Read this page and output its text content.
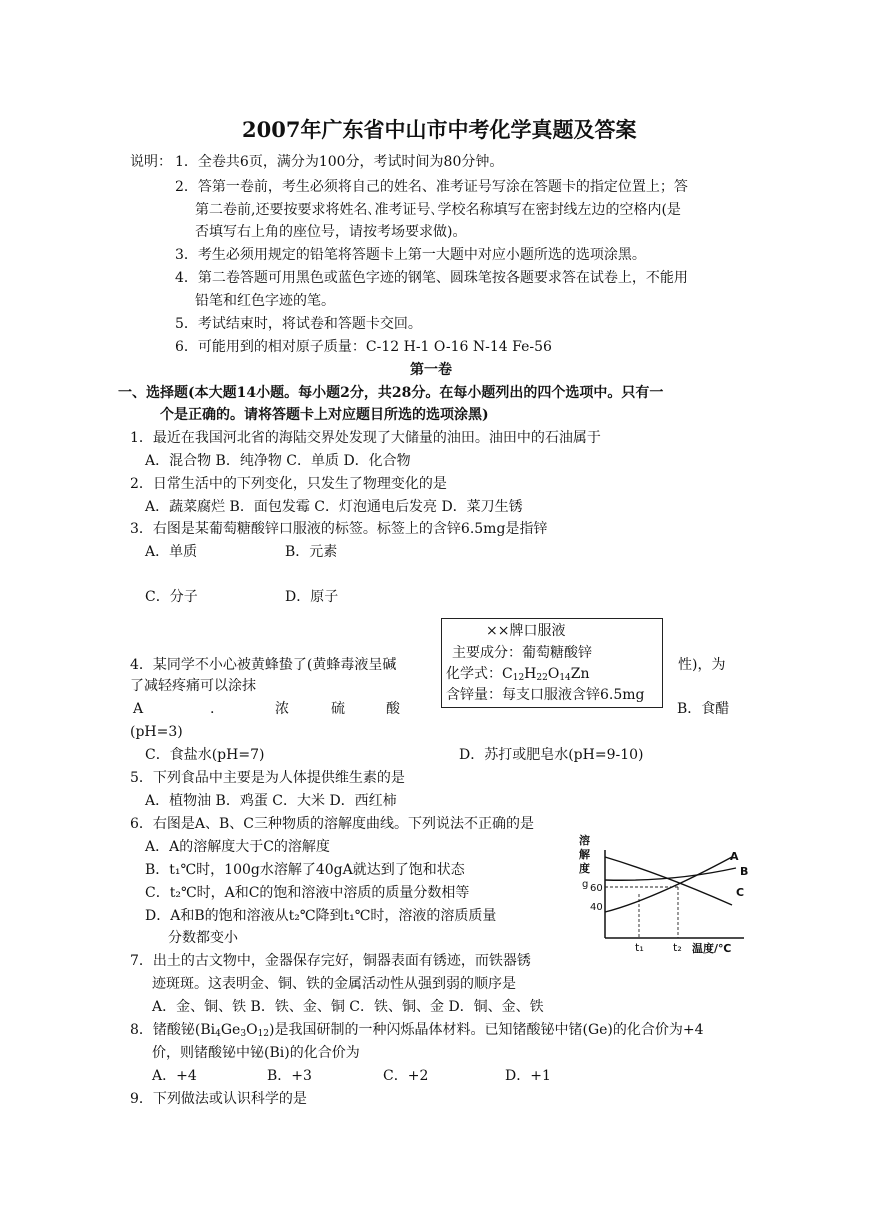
2007年广东省中山市中考化学真题及答案
说明： 1．全卷共6页，满分为100分，考试时间为80分钟。
2．答第一卷前，考生必须将自己的姓名、准考证号写涂在答题卡的指定位置上；答
第二卷前,还要按要求将姓名､准考证号､学校名称填写在密封线左边的空格内(是
否填写右上角的座位号，请按考场要求做)。
3．考生必须用规定的铅笔将答题卡上第一大题中对应小题所选的选项涂黑。
4．第二卷答题可用黑色或蓝色字迹的钢笔、圆珠笔按各题要求答在试卷上，不能用
铅笔和红色字迹的笔。
5．考试结束时，将试卷和答题卡交回。
6．可能用到的相对原子质量：C-12 H-1 O-16 N-14 Fe-56
第一卷
一、选择题(本大题14小题。每小题2分，共28分。在每小题列出的四个选项中。只有一
个是正确的。请将答题卡上对应题目所选的选项涂黑)
1．最近在我国河北省的海陆交界处发现了大储量的油田。油田中的石油属于
A．混合物 B．纯净物 C．单质 D．化合物
2．日常生活中的下列变化，只发生了物理变化的是
A．蔬菜腐烂 B．面包发霉 C．灯泡通电后发亮 D．菜刀生锈
3．右图是某葡萄糖酸锌口服液的标签。标签上的含锌6.5mg是指锌
A．单质	B．元素
C．分子	D．原子
××牌口服液
主要成分：葡萄糖酸锌
化学式：$C_{12}H_{22}O_{14}Zn$
含锌量：每支口服液含锌6.5mg
4．某同学不小心被黄蜂蛰了(黄蜂毒液呈碱	性)，为
了减轻疼痛可以涂抹
A	.	浓	硫	酸	B．食醋
(pH=3)
C．食盐水(pH=7)	D．苏打或肥皂水(pH=9-10)
5．下列食品中主要是为人体提供维生素的是
A．植物油 B．鸡蛋 C．大米 D．西红柿
6．右图是A、B、C三种物质的溶解度曲线。下列说法不正确的是
A．A的溶解度大于C的溶解度
B．t₁℃时，100g水溶解了40gA就达到了饱和状态
C．t₂℃时，A和C的饱和溶液中溶质的质量分数相等
D．A和B的饱和溶液从t₂℃降到t₁℃时，溶液的溶质质量
分数都变小
溶
解
度
g 60
40
A
B
C
t₁	t₂ 温度/℃
7．出土的古文物中，金器保存完好，铜器表面有锈迹，而铁器锈
迹斑斑。这表明金、铜、铁的金属活动性从强到弱的顺序是
A．金、铜、铁 B．铁、金、铜 C．铁、铜、金 D．铜、金、铁
8．锗酸铋$(Bi_4Ge_3O_{12})$是我国研制的一种闪烁晶体材料。已知锗酸铋中锗(Ge)的化合价为+4
价，则锗酸铋中铋(Bi)的化合价为
A．+4	B．+3	C．+2	D．+1
9．下列做法或认识科学的是
